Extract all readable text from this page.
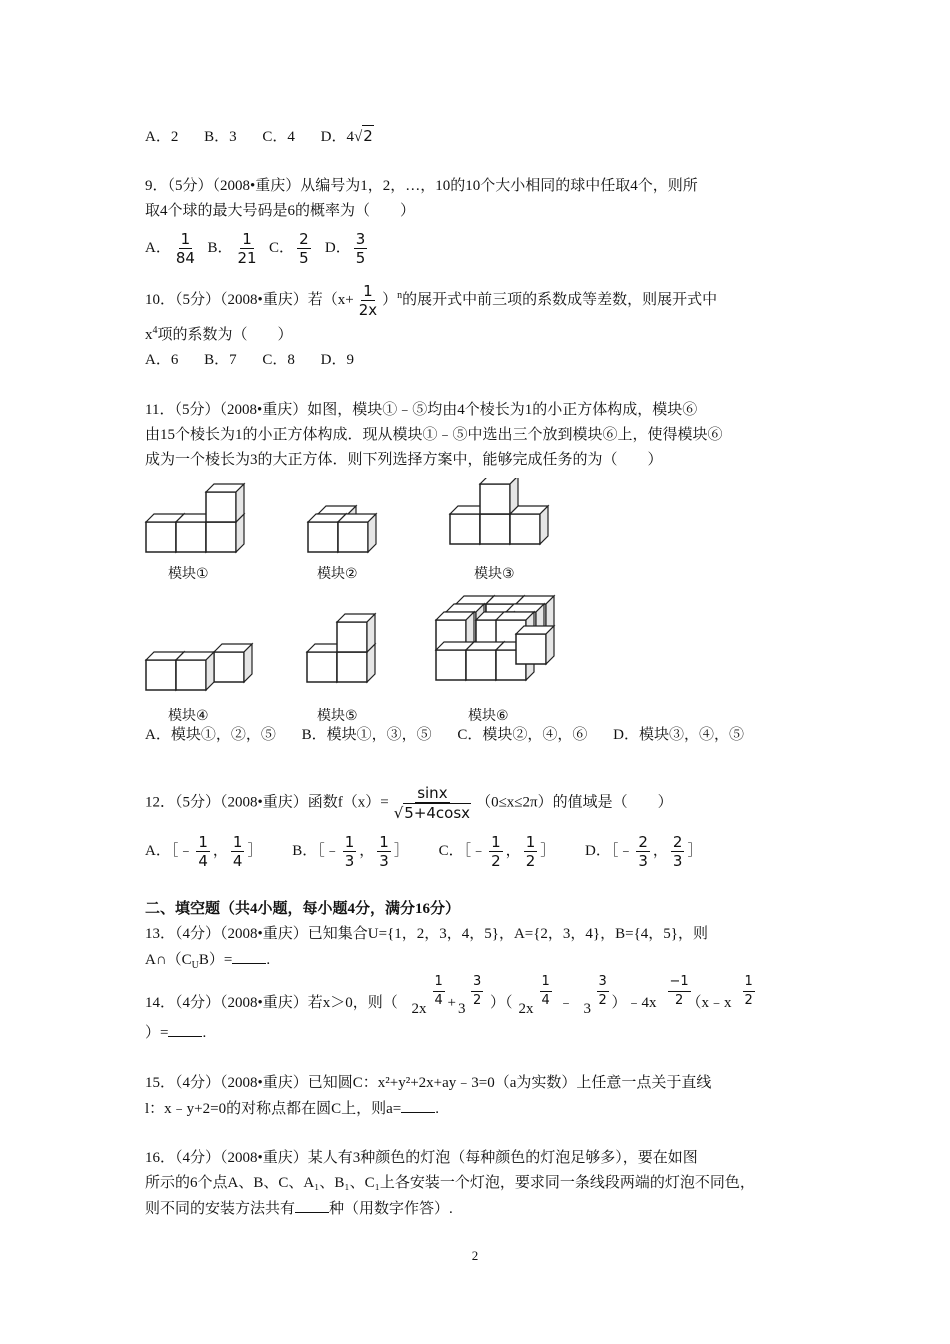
A．2 B．3 C．4 D．4√2
9．（5分）（2008•重庆）从编号为1，2，…，10的10个大小相同的球中任取4个，则所
取4个球的最大号码是6的概率为（　　）
A． $\frac{1}{84}$ B． $\frac{1}{21}$ C． $\frac{2}{5}$ D． $\frac{3}{5}$
10．（5分）（2008•重庆）若$(x+ \frac{1}{2x} )^n$的展开式中前三项的系数成等差数，则展开式中
$x^4$项的系数为（　　）
A．6 B．7 C．8 D．9
11．（5分）（2008•重庆）如图，模块①﹣⑤均由4个棱长为1的小正方体构成，模块⑥
由15个棱长为1的小正方体构成．现从模块①﹣⑤中选出三个放到模块⑥上，使得模块⑥
成为一个棱长为3的大正方体．则下列选择方案中，能够完成任务的为（　　）
模块①	模块②	模块③
模块④	模块⑤	模块⑥
A．模块①，②，⑤ B．模块①，③，⑤ C．模块②，④，⑥ D．模块③，④，⑤
12．（5分）（2008•重庆）函数$f(x)= \frac{\sin x}{√5+4\cos x} (0\le x\le 2\pi)$的值域是（　　）
A．［﹣ $\frac{1}{4}$ ， $\frac{1}{4}$ ］ B．［﹣ $\frac{1}{3}$ ， $\frac{1}{3}$ ］ C．［﹣ $\frac{1}{2}$ ， $\frac{1}{2}$ ］ D．［﹣ $\frac{2}{3}$ ， $\frac{2}{3}$ ］
二、填空题（共4小题，每小题4分，满分16分）
13．（4分）（2008•重庆）已知集合U={1，2，3，4，5}，A={2，3，4}，B={4，5}，则
$A\cap(C_UB)=$ .
14．（4分）（2008•重庆）若x＞0，则（ $2x \frac{1}{4} + 3 \frac{3}{2}$ ）（ $2x \frac{1}{4}$ ﹣ $3 \frac{3}{2}$ ）﹣4x $\frac{-1}{2}$
（x﹣x $\frac{1}{2}$
）= .
15．（4分）（2008•重庆）已知圆C：x²+y²+2x+ay﹣3=0（a为实数）上任意一点关于直线
l：x﹣y+2=0的对称点都在圆C上，则a= .
16．（4分）（2008•重庆）某人有3种颜色的灯泡（每种颜色的灯泡足够多），要在如图
所示的6个点A、B、C、A₁、B₁、C₁上各安装一个灯泡，要求同一条线段两端的灯泡不同色，
则不同的安装方法共有 种（用数字作答）.
2
